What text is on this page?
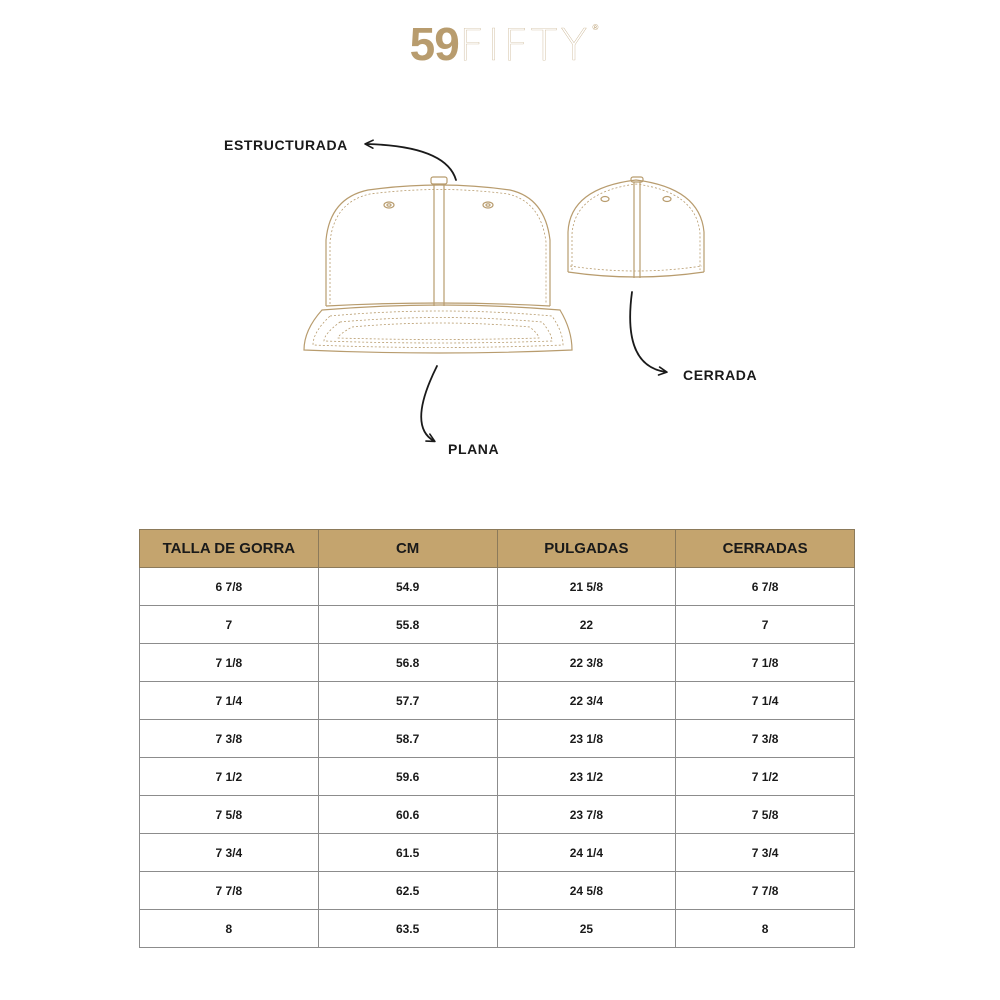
59FIFTY ®
ESTRUCTURADA
CERRADA
PLANA
TALLA DE GORRA	CM	PULGADAS	CERRADAS
6 7/8	54.9	21 5/8	6 7/8
7	55.8	22	7
7 1/8	56.8	22 3/8	7 1/8
7 1/4	57.7	22 3/4	7 1/4
7 3/8	58.7	23 1/8	7 3/8
7 1/2	59.6	23 1/2	7 1/2
7 5/8	60.6	23 7/8	7 5/8
7 3/4	61.5	24 1/4	7 3/4
7 7/8	62.5	24 5/8	7 7/8
8	63.5	25	8
